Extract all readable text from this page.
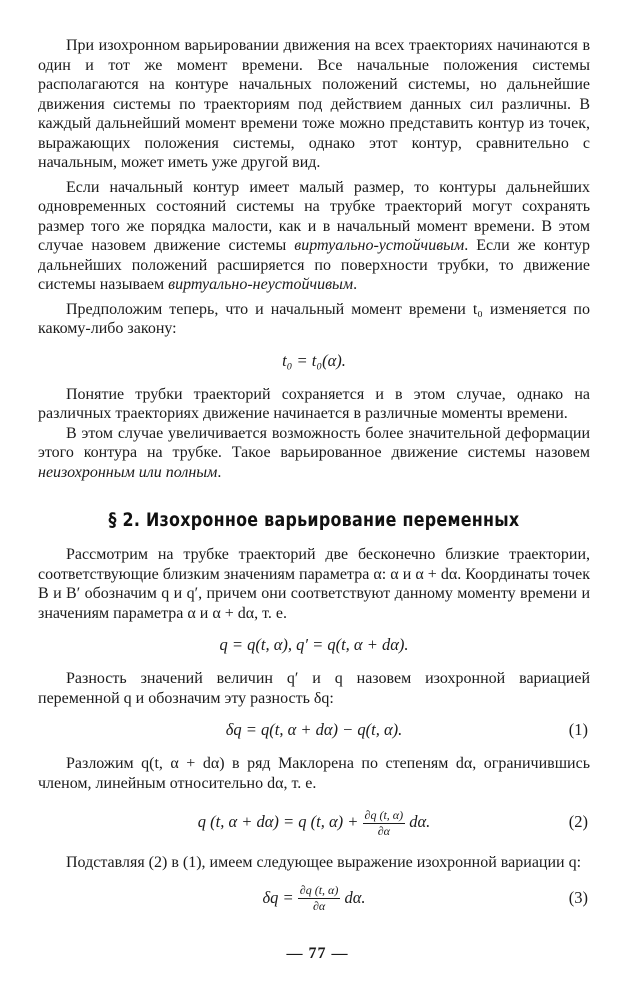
При изохронном варьировании движения на всех траекториях начинаются в один и тот же момент времени. Все начальные положения системы располагаются на контуре начальных положений системы, но дальнейшие движения системы по траекториям под действием данных сил различны. В каждый дальнейший момент времени тоже можно представить контур из точек, выражающих положения системы, однако этот контур, сравнительно с начальным, может иметь уже другой вид.

Если начальный контур имеет малый размер, то контуры дальнейших одновременных состояний системы на трубке траекторий могут сохранять размер того же порядка малости, как и в начальный момент времени. В этом случае назовем движение системы виртуально-устойчивым. Если же контур дальнейших положений расширяется по поверхности трубки, то движение системы называем виртуально-неустойчивым.

Предположим теперь, что и начальный момент времени t₀ изменяется по какому-либо закону:

t₀ = t₀(α).

Понятие трубки траекторий сохраняется и в этом случае, однако на различных траекториях движение начинается в различные моменты времени.

В этом случае увеличивается возможность более значительной деформации этого контура на трубке. Такое варьированное движение системы назовем неизохронным или полным.

§ 2. Изохронное варьирование переменных

Рассмотрим на трубке траекторий две бесконечно близкие траектории, соответствующие близким значениям параметра α: α и α + dα. Координаты точек B и B′ обозначим q и q′, причем они соответствуют данному моменту времени и значениям параметра α и α + dα, т. е.

q = q(t, α), q′ = q(t, α + dα).

Разность значений величин q′ и q назовем изохронной вариацией переменной q и обозначим эту разность δq:

δq = q(t, α + dα) − q(t, α).	(1)

Разложим q(t, α + dα) в ряд Маклорена по степеням dα, ограничившись членом, линейным относительно dα, т. е.

q (t, α + dα) = q (t, $\alpha) + \frac{\partial q (t, \alpha)}{\partial\alpha} d\alpha$.	(2)

Подставляя (2) в (1), имеем следующее выражение изохронной вариации q:

$\delta q = \frac{\partial q (t, \alpha)}{\partial\alpha} d\alpha$.	(3)
— 77 —
